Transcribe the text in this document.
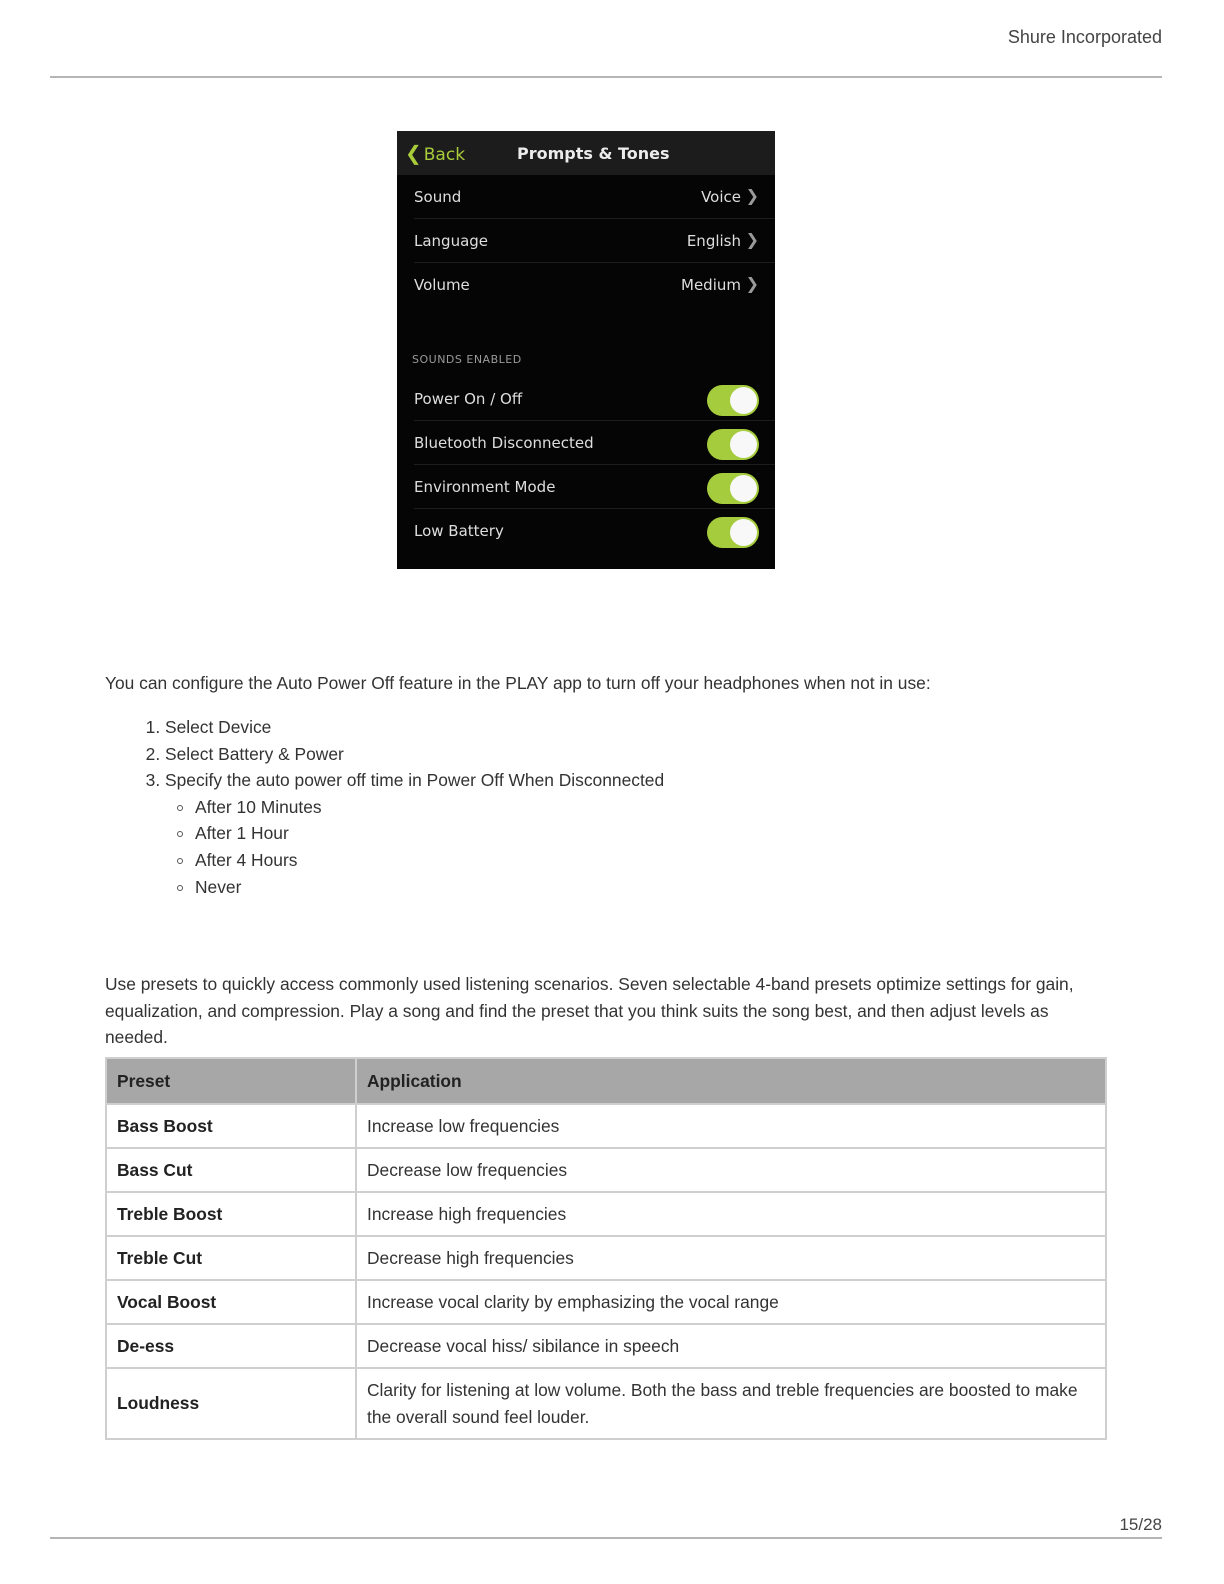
Shure Incorporated
❮ Back	Prompts & Tones
Sound	Voice ❯
Language	English ❯
Volume	Medium ❯
SOUNDS ENABLED
Power On / Off
Bluetooth Disconnected
Environment Mode
Low Battery

You can configure the Auto Power Off feature in the PLAY app to turn off your headphones when not in use:

1. Select Device
2. Select Battery & Power
3. Specify the auto power off time in Power Off When Disconnected
After 10 Minutes
After 1 Hour
After 4 Hours
Never

Use presets to quickly access commonly used listening scenarios. Seven selectable 4-band presets optimize settings for gain, equalization, and compression. Play a song and find the preset that you think suits the song best, and then adjust levels as needed.

Preset	Application
Bass Boost	Increase low frequencies
Bass Cut	Decrease low frequencies
Treble Boost	Increase high frequencies
Treble Cut	Decrease high frequencies
Vocal Boost	Increase vocal clarity by emphasizing the vocal range
De-ess	Decrease vocal hiss/ sibilance in speech
Loudness	Clarity for listening at low volume. Both the bass and treble frequencies are boosted to make the overall sound feel louder.
15/28
